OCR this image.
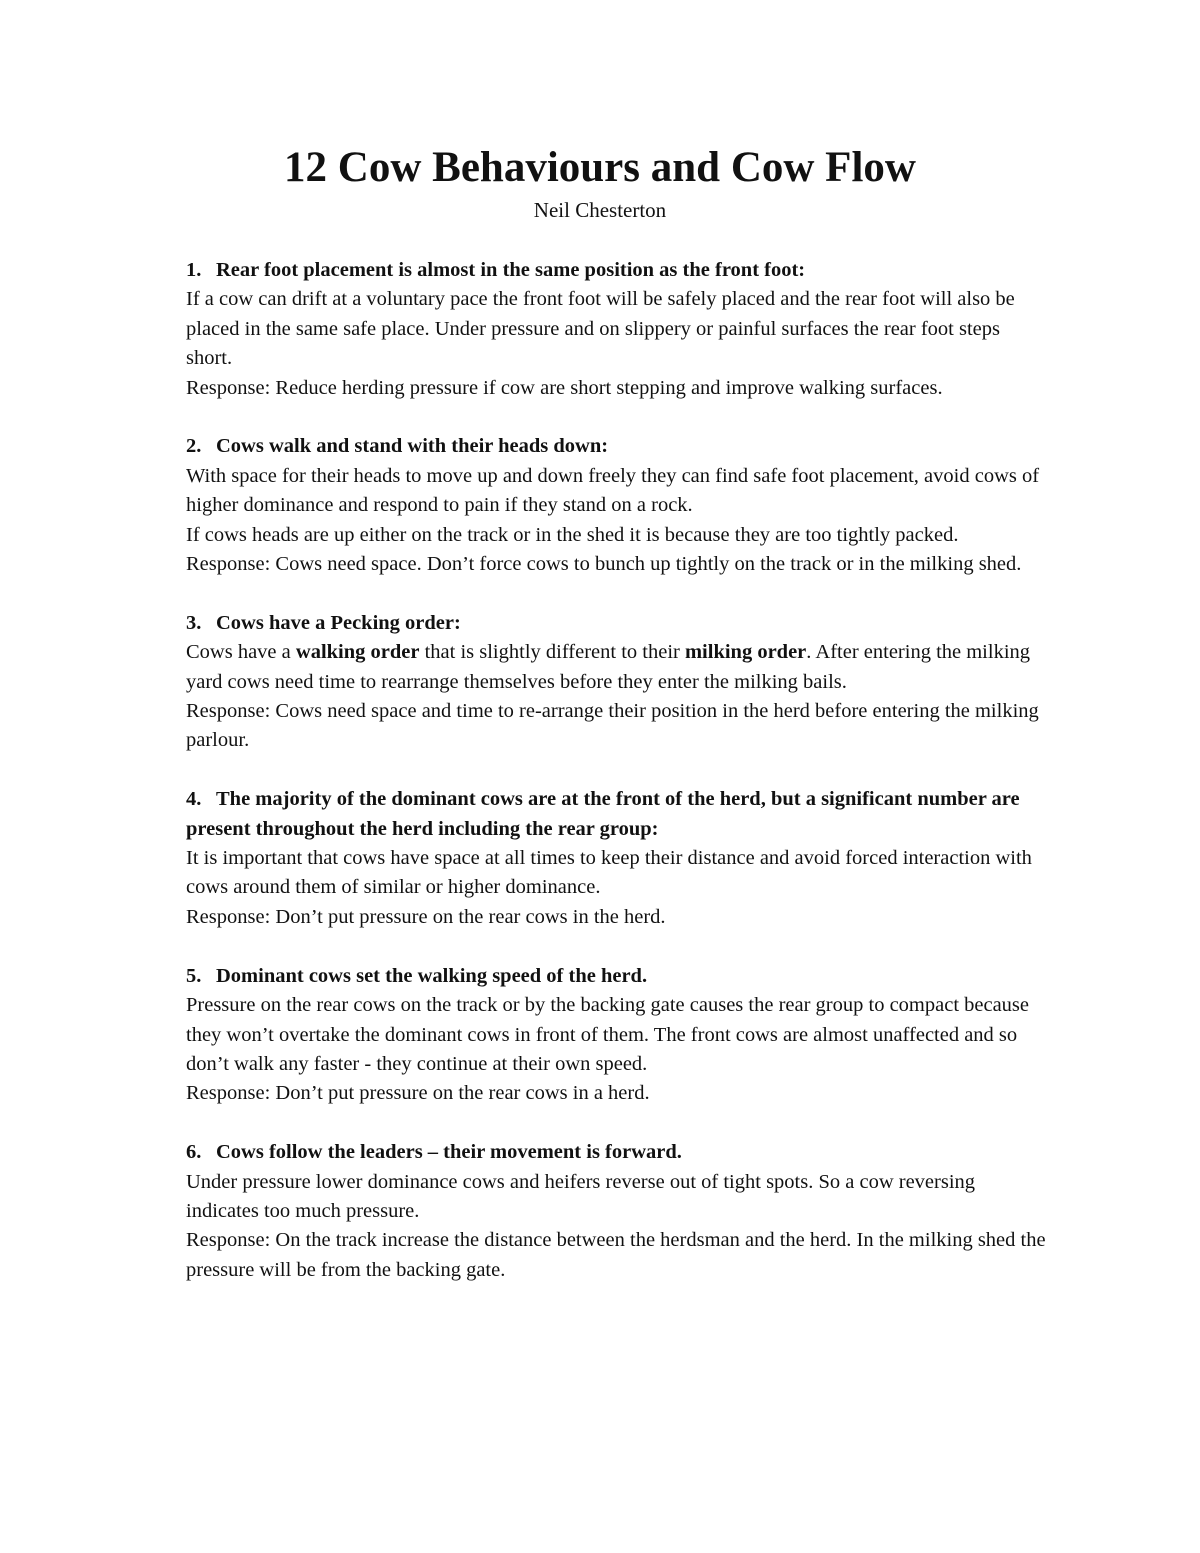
12 Cow Behaviours and Cow Flow
Neil Chesterton

1. Rear foot placement is almost in the same position as the front foot:

If a cow can drift at a voluntary pace the front foot will be safely placed and the rear foot will also be placed in the same safe place. Under pressure and on slippery or painful surfaces the rear foot steps short.

Response: Reduce herding pressure if cow are short stepping and improve walking surfaces.

2. Cows walk and stand with their heads down:

With space for their heads to move up and down freely they can find safe foot placement, avoid cows of higher dominance and respond to pain if they stand on a rock.

If cows heads are up either on the track or in the shed it is because they are too tightly packed.

Response: Cows need space. Don’t force cows to bunch up tightly on the track or in the milking shed.

3. Cows have a Pecking order:

Cows have a walking order that is slightly different to their milking order. After entering the milking yard cows need time to rearrange themselves before they enter the milking bails.

Response: Cows need space and time to re-arrange their position in the herd before entering the milking parlour.

4. The majority of the dominant cows are at the front of the herd, but a significant number are present throughout the herd including the rear group:

It is important that cows have space at all times to keep their distance and avoid forced interaction with cows around them of similar or higher dominance.

Response: Don’t put pressure on the rear cows in the herd.

5. Dominant cows set the walking speed of the herd.

Pressure on the rear cows on the track or by the backing gate causes the rear group to compact because they won’t overtake the dominant cows in front of them. The front cows are almost unaffected and so don’t walk any faster - they continue at their own speed.

Response: Don’t put pressure on the rear cows in a herd.

6. Cows follow the leaders – their movement is forward.

Under pressure lower dominance cows and heifers reverse out of tight spots. So a cow reversing indicates too much pressure.

Response: On the track increase the distance between the herdsman and the herd. In the milking shed the pressure will be from the backing gate.
